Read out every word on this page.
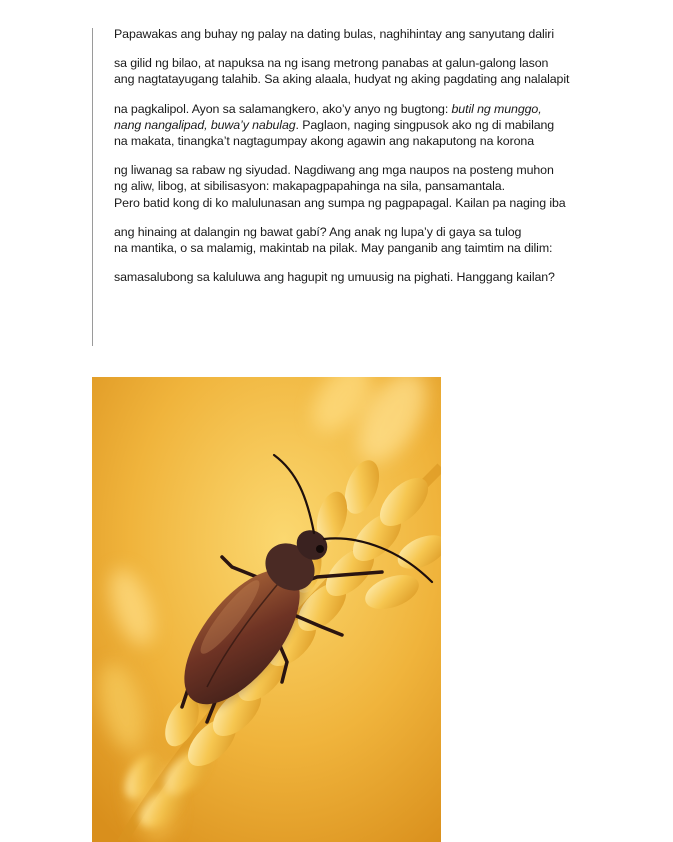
Papawakas ang buhay ng palay na dating bulas, naghihintay ang sanyutang daliri
sa gilid ng bilao, at napuksa na ng isang metrong panabas at galun-galong lason
ang nagtatayugang talahib. Sa aking alaala, hudyat ng aking pagdating ang nalalapit
na pagkalipol. Ayon sa salamangkero, ako’y anyo ng bugtong: butil ng munggo,
nang nangalipad, buwa’y nabulag. Paglaon, naging singpusok ako ng di mabilang
na makata, tinangka’t nagtagumpay akong agawin ang nakaputong na korona
ng liwanag sa rabaw ng siyudad. Nagdiwang ang mga naupos na posteng muhon
ng aliw, libog, at sibilisasyon: makapagpapahinga na sila, pansamantala.
Pero batid kong di ko malulunasan ang sumpa ng pagpapagal. Kailan pa naging iba
ang hinaing at dalangin ng bawat gabí? Ang anak ng lupa’y di gaya sa tulog
na mantika, o sa malamig, makintab na pilak. May panganib ang taimtim na dilim:
samasalubong sa kaluluwa ang hagupit ng umuusig na pighati. Hanggang kailan?
